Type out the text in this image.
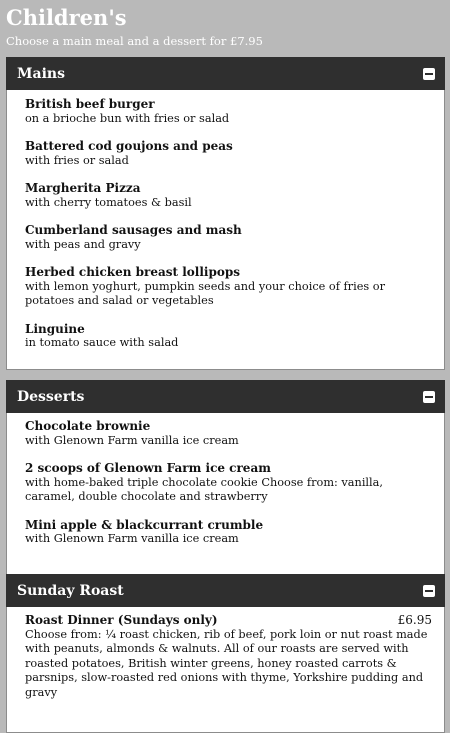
Children's
Choose a main meal and a dessert for £7.95
Mains
British beef burger
on a brioche bun with fries or salad
Battered cod goujons and peas
with fries or salad
Margherita Pizza
with cherry tomatoes & basil
Cumberland sausages and mash
with peas and gravy
Herbed chicken breast lollipops
with lemon yoghurt, pumpkin seeds and your choice of fries or potatoes and salad or vegetables
Linguine
in tomato sauce with salad
Desserts
Chocolate brownie
with Glenown Farm vanilla ice cream
2 scoops of Glenown Farm ice cream
with home-baked triple chocolate cookie Choose from: vanilla, caramel, double chocolate and strawberry
Mini apple & blackcurrant crumble
with Glenown Farm vanilla ice cream
Sunday Roast
Roast Dinner (Sundays only)	£6.95
Choose from: ¼ roast chicken, rib of beef, pork loin or nut roast made with peanuts, almonds & walnuts. All of our roasts are served with roasted potatoes, British winter greens, honey roasted carrots & parsnips, slow-roasted red onions with thyme, Yorkshire pudding and gravy
